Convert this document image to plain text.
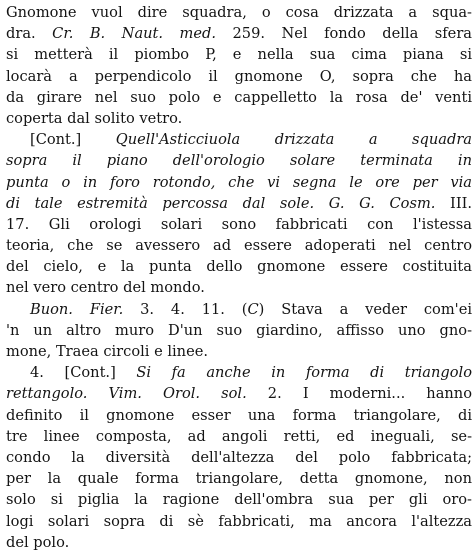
Gnomone vuol dire squadra, o cosa drizzata a squa-
dra. Cr. B. Naut. med. 259. Nel fondo della sfera
si metterà il piombo P, e nella sua cima piana si
locarà a perpendicolo il gnomone O, sopra che ha
da girare nel suo polo e cappelletto la rosa de' venti
coperta dal solito vetro.
[Cont.] Quell'Asticciuola drizzata a squadra
sopra il piano dell'orologio solare terminata in
punta o in foro rotondo, che vi segna le ore per via
di tale estremità percossa dal sole. G. G. Cosm. III.
17. Gli orologi solari sono fabbricati con l'istessa
teoria, che se avessero ad essere adoperati nel centro
del cielo, e la punta dello gnomone essere costituita
nel vero centro del mondo.
Buon. Fier. 3. 4. 11. (C) Stava a veder com'ei
'n un altro muro D'un suo giardino, affisso uno gno-
mone, Traea circoli e linee.
4. [Cont.] Si fa anche in forma di triangolo
rettangolo. Vim. Orol. sol. 2. I moderni... hanno
definito il gnomone esser una forma triangolare, di
tre linee composta, ad angoli retti, ed ineguali, se-
condo la diversità dell'altezza del polo fabbricata;
per la quale forma triangolare, detta gnomone, non
solo si piglia la ragione dell'ombra sua per gli oro-
logi solari sopra di sè fabbricati, ma ancora l'altezza
del polo.
